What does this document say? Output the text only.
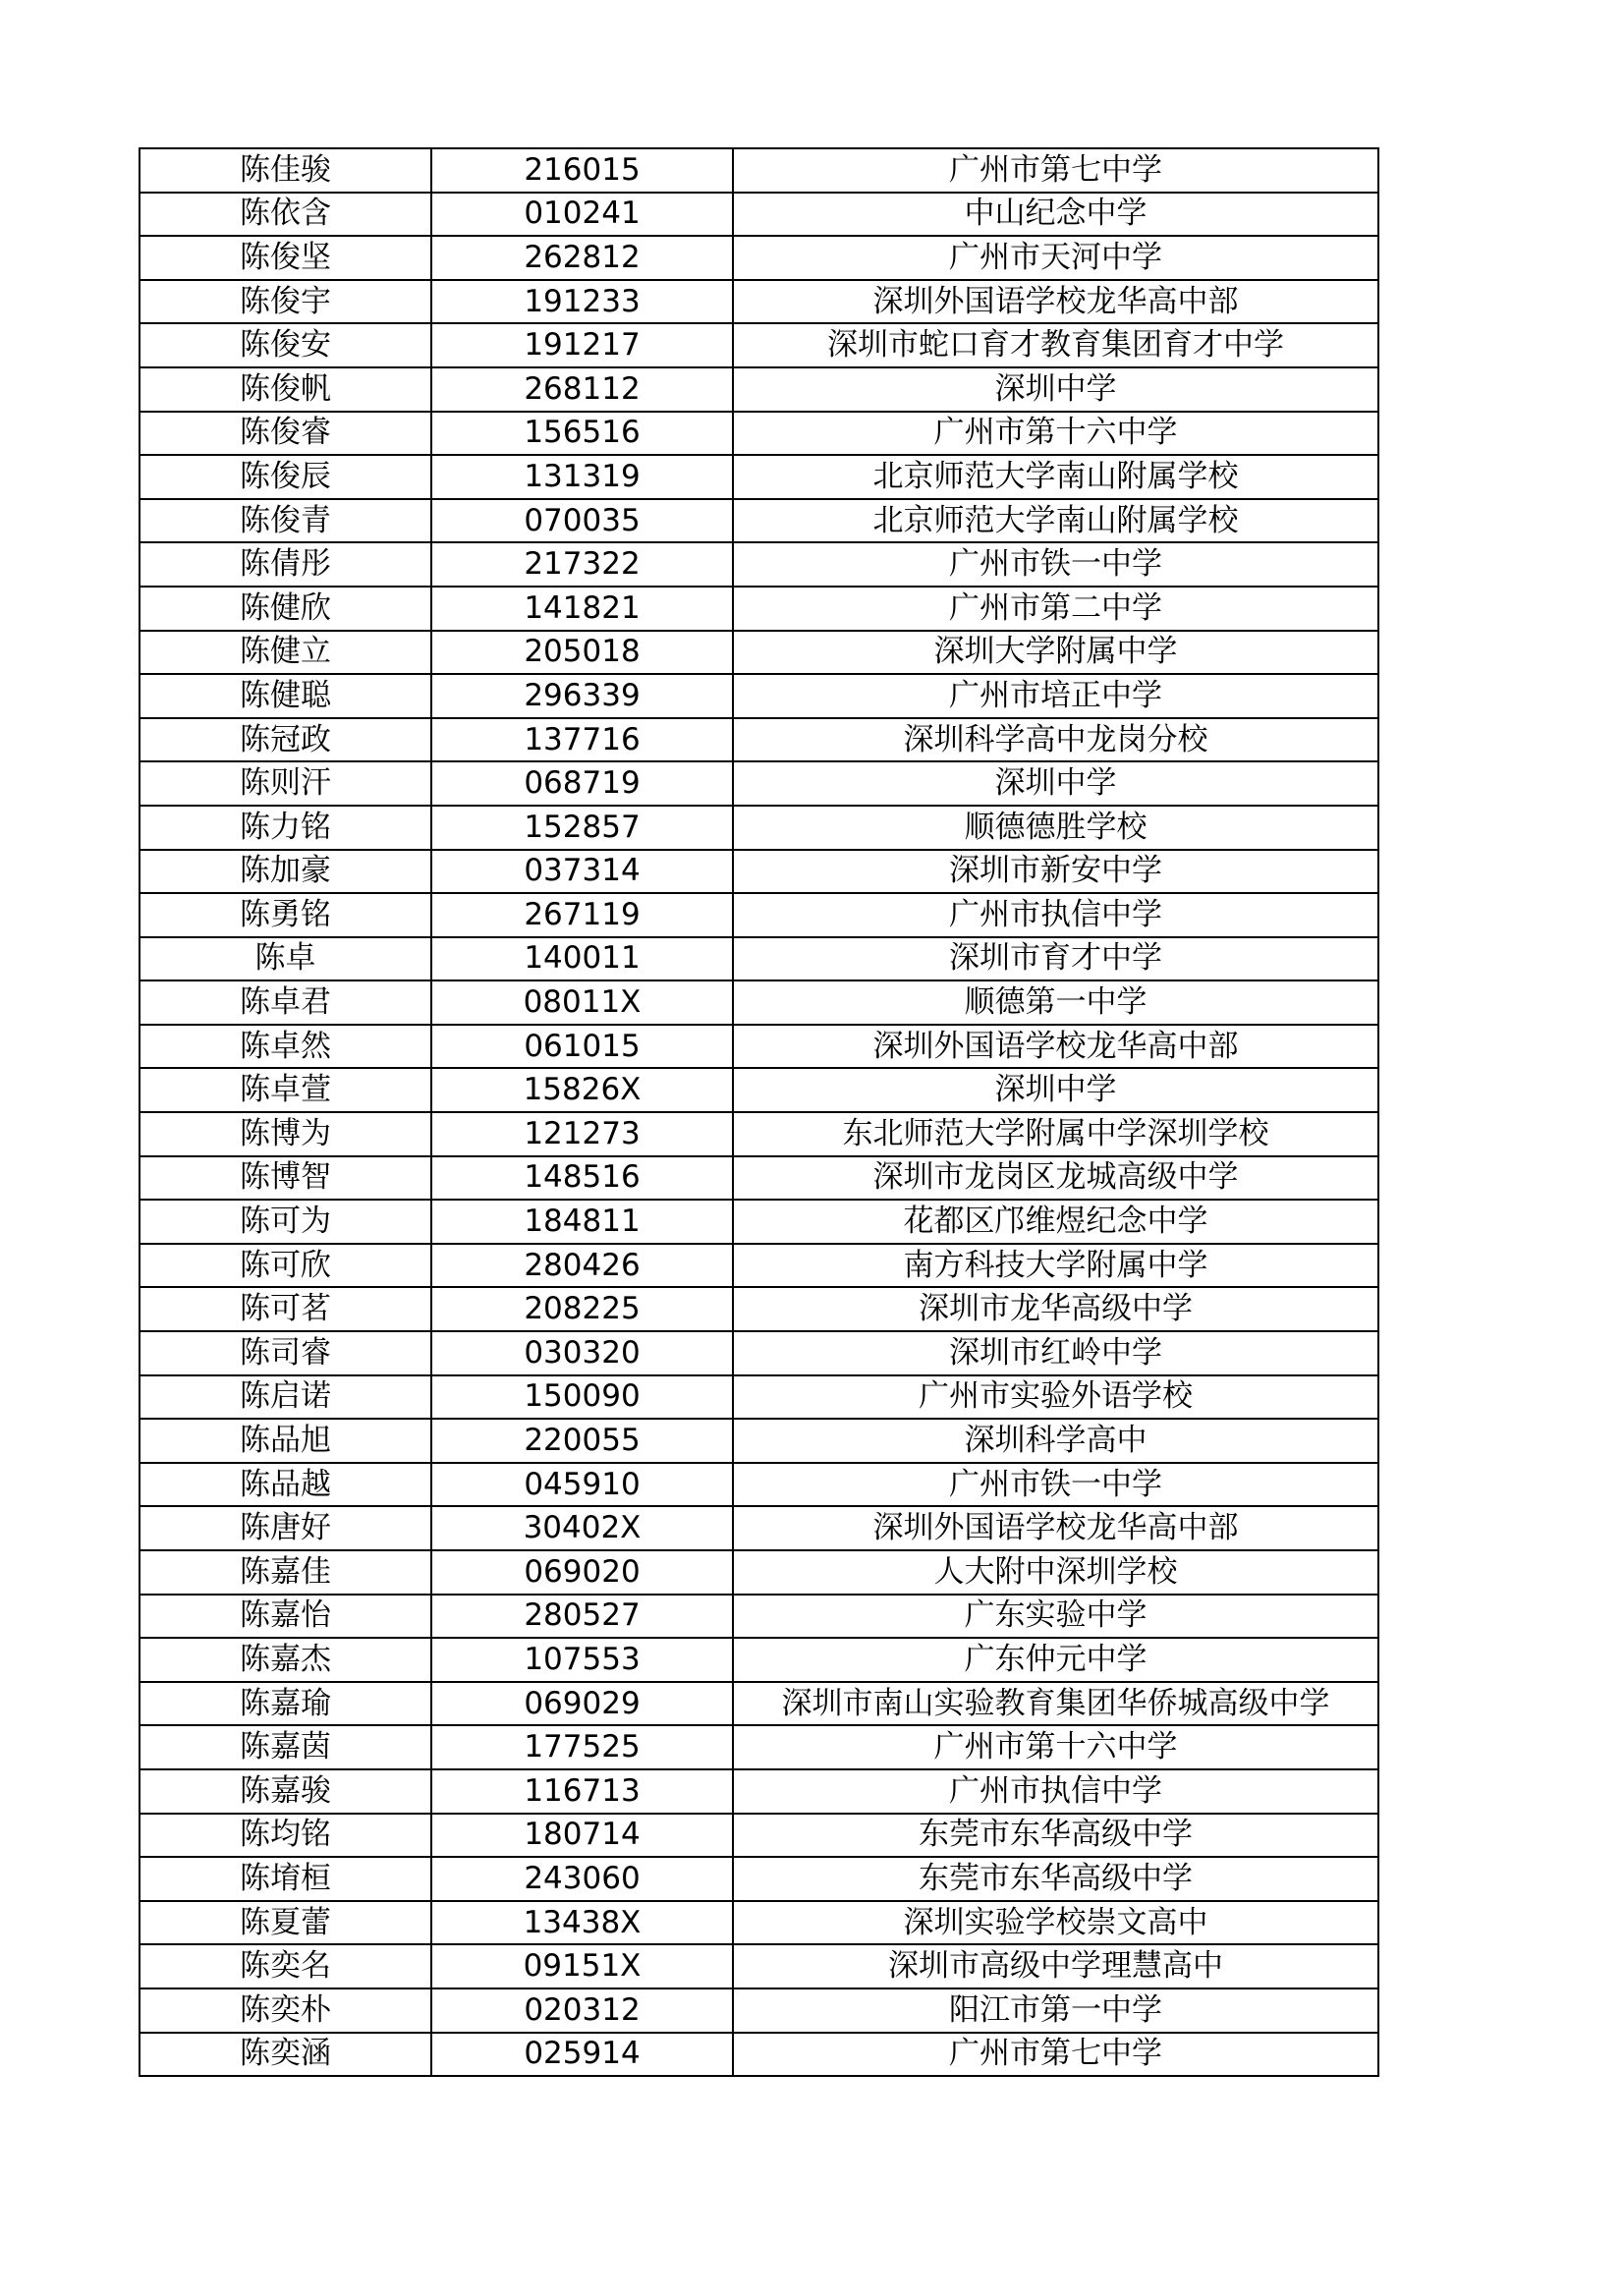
陈佳骏	216015	广州市第七中学
陈依含	010241	中山纪念中学
陈俊坚	262812	广州市天河中学
陈俊宇	191233	深圳外国语学校龙华高中部
陈俊安	191217	深圳市蛇口育才教育集团育才中学
陈俊帆	268112	深圳中学
陈俊睿	156516	广州市第十六中学
陈俊辰	131319	北京师范大学南山附属学校
陈俊青	070035	北京师范大学南山附属学校
陈倩彤	217322	广州市铁一中学
陈健欣	141821	广州市第二中学
陈健立	205018	深圳大学附属中学
陈健聪	296339	广州市培正中学
陈冠政	137716	深圳科学高中龙岗分校
陈则汗	068719	深圳中学
陈力铭	152857	顺德德胜学校
陈加豪	037314	深圳市新安中学
陈勇铭	267119	广州市执信中学
陈卓	140011	深圳市育才中学
陈卓君	08011X	顺德第一中学
陈卓然	061015	深圳外国语学校龙华高中部
陈卓萱	15826X	深圳中学
陈博为	121273	东北师范大学附属中学深圳学校
陈博智	148516	深圳市龙岗区龙城高级中学
陈可为	184811	花都区邝维煜纪念中学
陈可欣	280426	南方科技大学附属中学
陈可茗	208225	深圳市龙华高级中学
陈司睿	030320	深圳市红岭中学
陈启诺	150090	广州市实验外语学校
陈品旭	220055	深圳科学高中
陈品越	045910	广州市铁一中学
陈唐好	30402X	深圳外国语学校龙华高中部
陈嘉佳	069020	人大附中深圳学校
陈嘉怡	280527	广东实验中学
陈嘉杰	107553	广东仲元中学
陈嘉瑜	069029	深圳市南山实验教育集团华侨城高级中学
陈嘉茵	177525	广州市第十六中学
陈嘉骏	116713	广州市执信中学
陈均铭	180714	东莞市东华高级中学
陈堉桓	243060	东莞市东华高级中学
陈夏蕾	13438X	深圳实验学校崇文高中
陈奕名	09151X	深圳市高级中学理慧高中
陈奕朴	020312	阳江市第一中学
陈奕涵	025914	广州市第七中学
